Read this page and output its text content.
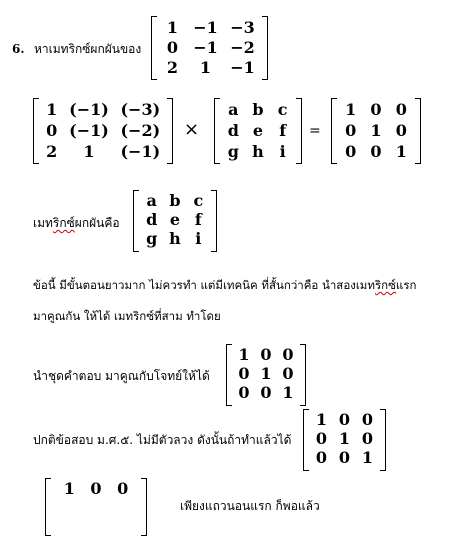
6. หาเมทริกซ์ผกผันของ
1 −1 −3
0 −1 −2
2	1	−1
1 (−1) (−3)
0 (−1) (−2)
2	1	(−1)
×
a b c
d e	f
g h i
=
1 0 0
0 1 0
0 0 1
เมทริกซ์ผกผันคือ
a b c
d e f
g h i
ข้อนี้ มีขั้นตอนยาวมาก ไม่ควรทำ แต่มีเทคนิค ที่สั้นกว่าคือ นำสองเมทริกซ์แรก
มาคูณกัน ให้ได้ เมทริกซ์ที่สาม ทำโดย
นำชุดคำตอบ มาคูณกับโจทย์ให้ได้
1 0 0
0 1 0
0 0 1
ปกติข้อสอบ ม.ศ.๕. ไม่มีตัวลวง ดังนั้นถ้าทำแล้วได้
1 0 0
0 1 0
0 0 1
1 0 0
เพียงแถวนอนแรก ก็พอแล้ว
